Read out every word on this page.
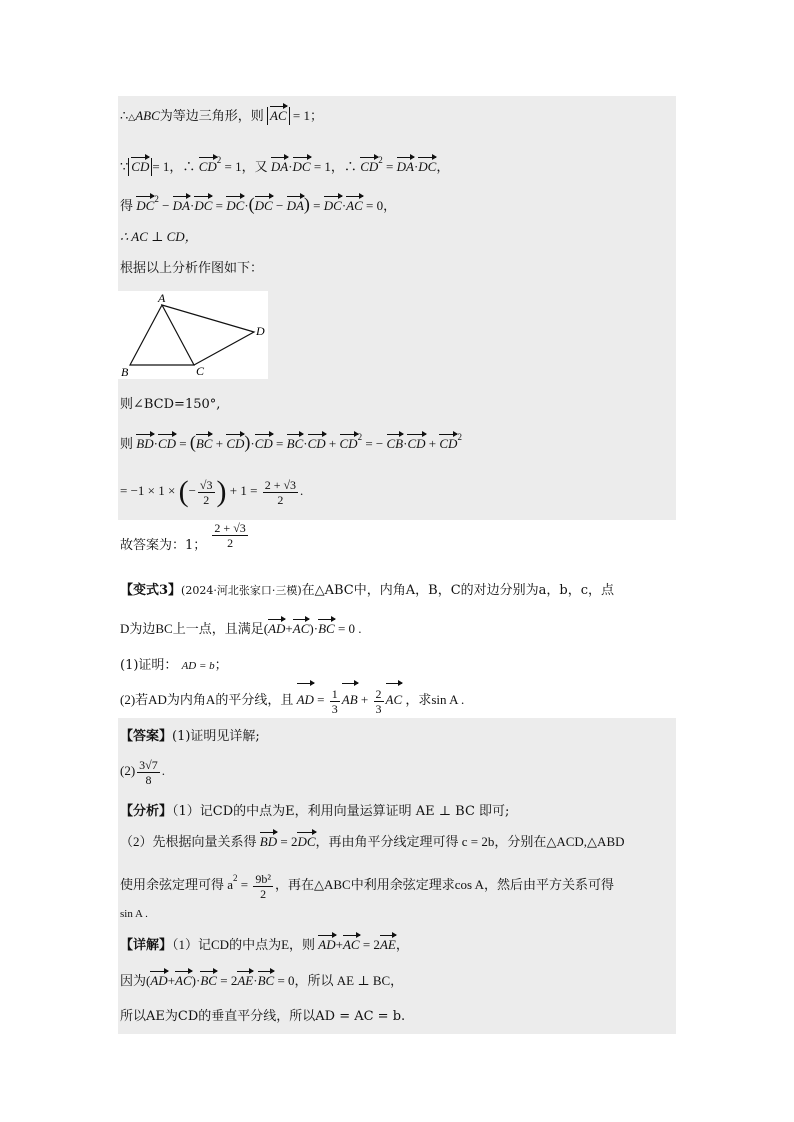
∴△ABC为等边三角形，则 AC = 1；
∵ CD = 1，∴ $CD^2 = 1$，又 DA·DC = 1，∴ $CD^2 = DA\cdot DC$，
得 $DC^2 - DA\cdot DC = DC\cdot(DC - DA) = DC\cdot AC = 0$，
∴ AC ⊥ CD，
根据以上分析作图如下：
A
B	C
D
则∠BCD=150°,
则 $BD\cdot CD = (BC + CD)\cdot CD = BC\cdot CD + CD^2$ = − $CB\cdot CD + CD^2$
= −1 × 1 × (− $\frac{√3}{2}$ ) + $1 = \frac{2 + √3}{2}$ .
故答案为：1； $\frac{2 + √3}{2}$
【变式3】(2024·河北张家口·三模)在△ABC中，内角A，B，C的对边分别为a，b，c，点
D为边BC上一点，且满足(AD+AC)·BC = 0 .
(1)证明： AD = b；
(2)若AD为内角A的平分线，且 AD = $\frac{1}{3}$ AB + $\frac{2}{3}$ AC ，求sin A .
【答案】(1)证明见详解;
$(2) \frac{3√7}{8}$ .
【分析】（1）记CD的中点为E，利用向量运算证明 AE ⊥ BC 即可;
（2）先根据向量关系得 BD = 2DC，再由角平分线定理可得 c = 2b，分别在△ACD,△ABD
使用余弦定理可得 $a^2 = \frac{\text{9b²}}{2}$ ，再在△ABC中利用余弦定理求cos A，然后由平方关系可得
sin A .
【详解】（1）记CD的中点为E，则 AD+AC = 2AE，
因为(AD+AC)·BC = 2AE·BC = 0，所以 AE ⊥ BC，
所以AE为CD的垂直平分线，所以AD = AC = b.
